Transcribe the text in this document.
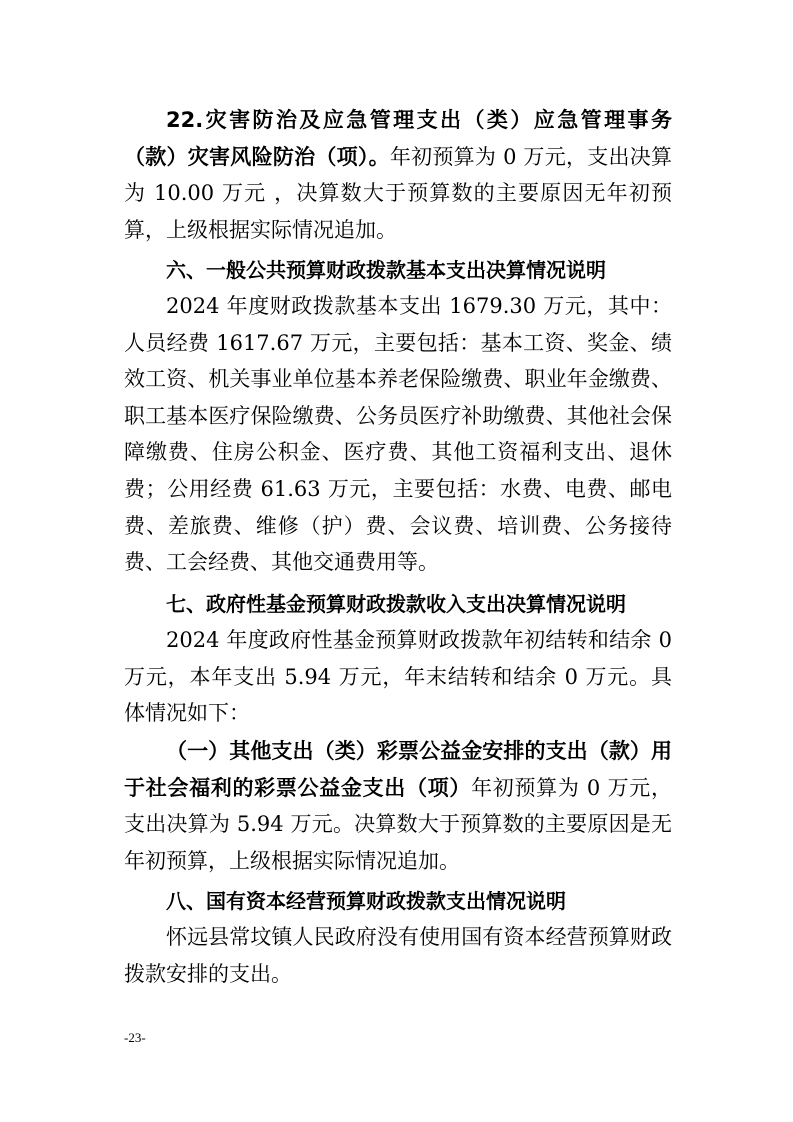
22.灾害防治及应急管理支出（类）应急管理事务（款）灾害风险防治（项）。年初预算为 0 万元，支出决算为 10.00 万元 ，决算数大于预算数的主要原因无年初预算，上级根据实际情况追加。

六、一般公共预算财政拨款基本支出决算情况说明

2024 年度财政拨款基本支出 1679.30 万元，其中：人员经费 1617.67 万元，主要包括：基本工资、奖金、绩效工资、机关事业单位基本养老保险缴费、职业年金缴费、职工基本医疗保险缴费、公务员医疗补助缴费、其他社会保障缴费、住房公积金、医疗费、其他工资福利支出、退休费；公用经费 61.63 万元，主要包括：水费、电费、邮电费、差旅费、维修（护）费、会议费、培训费、公务接待费、工会经费、其他交通费用等。

七、政府性基金预算财政拨款收入支出决算情况说明

2024 年度政府性基金预算财政拨款年初结转和结余 0 万元，本年支出 5.94 万元，年末结转和结余 0 万元。具体情况如下：

（一）其他支出（类）彩票公益金安排的支出（款）用于社会福利的彩票公益金支出（项）年初预算为 0 万元，支出决算为 5.94 万元。决算数大于预算数的主要原因是无年初预算，上级根据实际情况追加。

八、国有资本经营预算财政拨款支出情况说明

怀远县常坟镇人民政府没有使用国有资本经营预算财政拨款安排的支出。

-23-
